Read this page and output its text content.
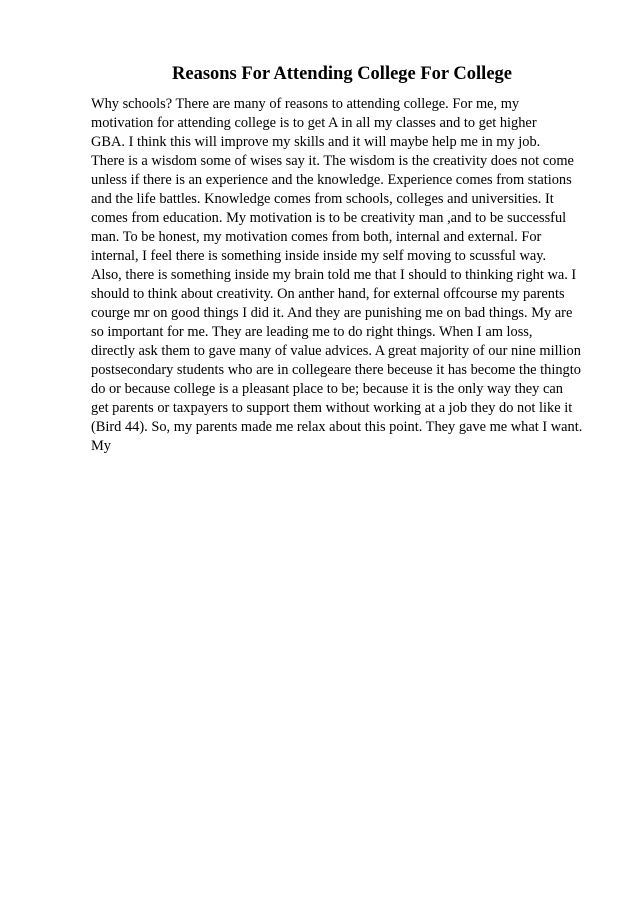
Reasons For Attending College For College
Why schools? There are many of reasons to attending college. For me, my
motivation for attending college is to get A in all my classes and to get higher
GBA. I think this will improve my skills and it will maybe help me in my job.
There is a wisdom some of wises say it. The wisdom is the creativity does not come
unless if there is an experience and the knowledge. Experience comes from stations
and the life battles. Knowledge comes from schools, colleges and universities. It
comes from education. My motivation is to be creativity man ,and to be successful
man. To be honest, my motivation comes from both, internal and external. For
internal, I feel there is something inside inside my self moving to scussful way.
Also, there is something inside my brain told me that I should to thinking right wa. I
should to think about creativity. On anther hand, for external offcourse my parents
courge mr on good things I did it. And they are punishing me on bad things. My are
so important for me. They are leading me to do right things. When I am loss,
directly ask them to gave many of value advices. A great majority of our nine million
postsecondary students who are in collegeare there beceuse it has become the thingto
do or because college is a pleasant place to be; because it is the only way they can
get parents or taxpayers to support them without working at a job they do not like it
(Bird 44). So, my parents made me relax about this point. They gave me what I want.
My
